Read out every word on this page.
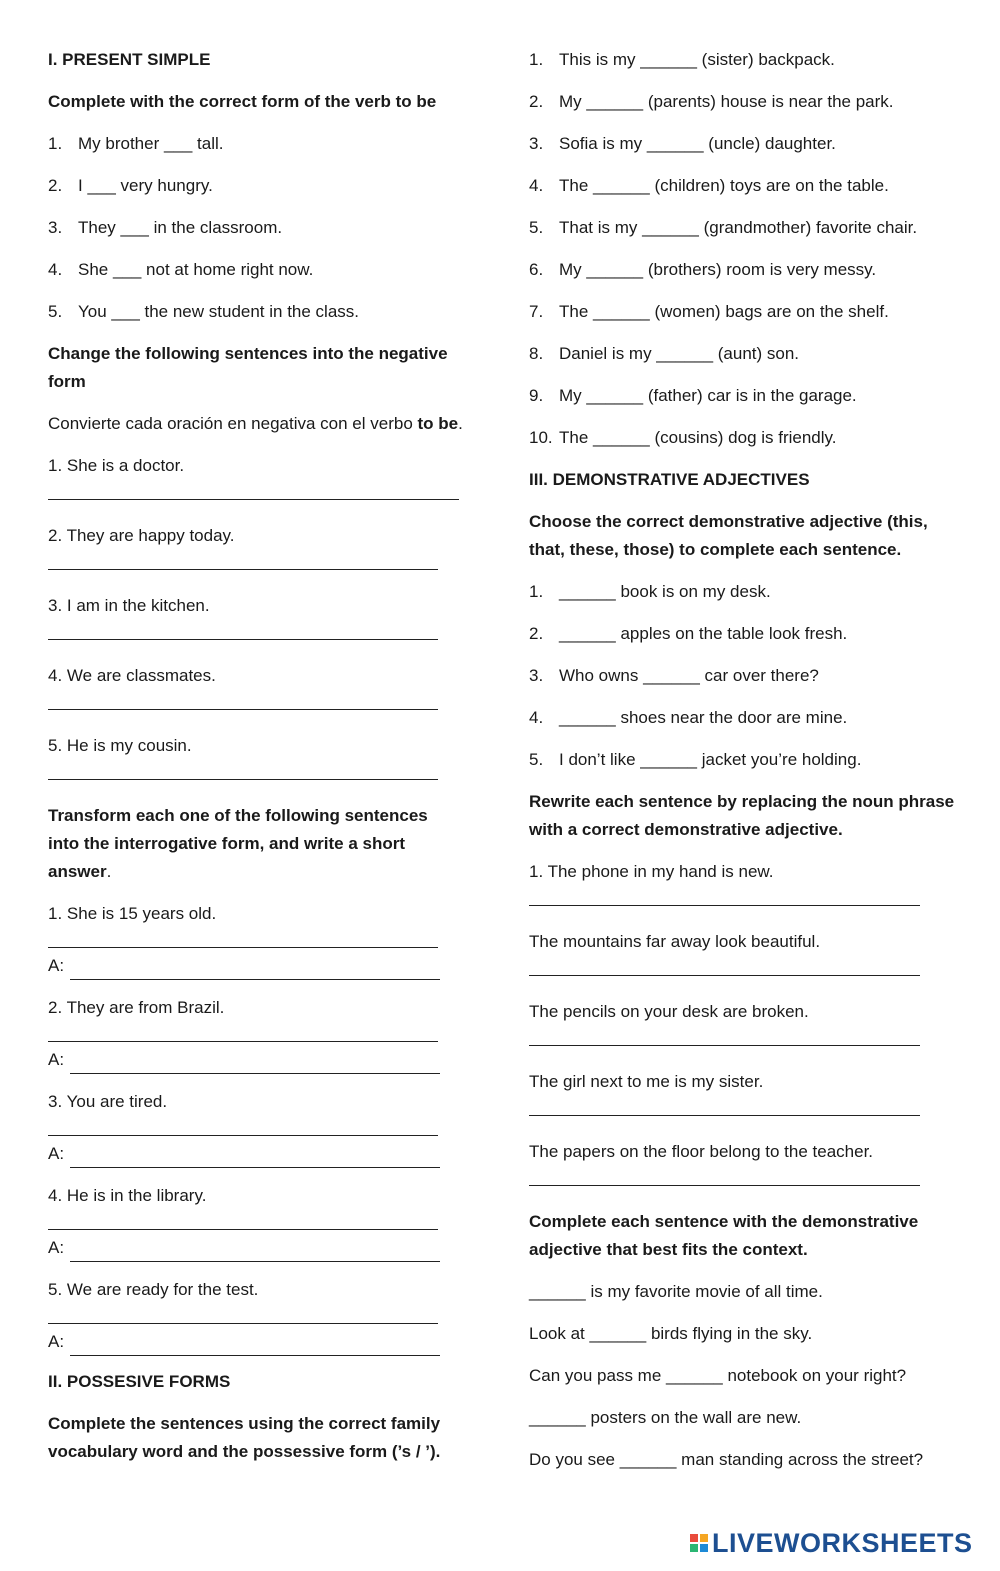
I. PRESENT SIMPLE

Complete with the correct form of the verb to be

1. My brother ___ tall.

2. I ___ very hungry.

3. They ___ in the classroom.

4. She ___ not at home right now.

5. You ___ the new student in the class.

Change the following sentences into the negative form

Convierte cada oración en negativa con el verbo to be.

1. She is a doctor.

2. They are happy today.

3. I am in the kitchen.

4. We are classmates.

5. He is my cousin.

Transform each one of the following sentences into the interrogative form, and write a short answer.

1. She is 15 years old.

A:

2. They are from Brazil.

A:

3. You are tired.

A:

4. He is in the library.

A:

5. We are ready for the test.

A:

II. POSSESIVE FORMS

Complete the sentences using the correct family vocabulary word and the possessive form (’s / ’).

1. This is my ______ (sister) backpack.

2. My ______ (parents) house is near the park.

3. Sofia is my ______ (uncle) daughter.

4. The ______ (children) toys are on the table.

5. That is my ______ (grandmother) favorite chair.

6. My ______ (brothers) room is very messy.

7. The ______ (women) bags are on the shelf.

8. Daniel is my ______ (aunt) son.

9. My ______ (father) car is in the garage.

10. The ______ (cousins) dog is friendly.

III. DEMONSTRATIVE ADJECTIVES

Choose the correct demonstrative adjective (this, that, these, those) to complete each sentence.

1. ______ book is on my desk.

2. ______ apples on the table look fresh.

3. Who owns ______ car over there?

4. ______ shoes near the door are mine.

5. I don’t like ______ jacket you’re holding.

Rewrite each sentence by replacing the noun phrase with a correct demonstrative adjective.

1. The phone in my hand is new.

The mountains far away look beautiful.

The pencils on your desk are broken.

The girl next to me is my sister.

The papers on the floor belong to the teacher.

Complete each sentence with the demonstrative adjective that best fits the context.

______ is my favorite movie of all time.

Look at ______ birds flying in the sky.

Can you pass me ______ notebook on your right?

______ posters on the wall are new.

Do you see ______ man standing across the street?

LIVEWORKSHEETS
